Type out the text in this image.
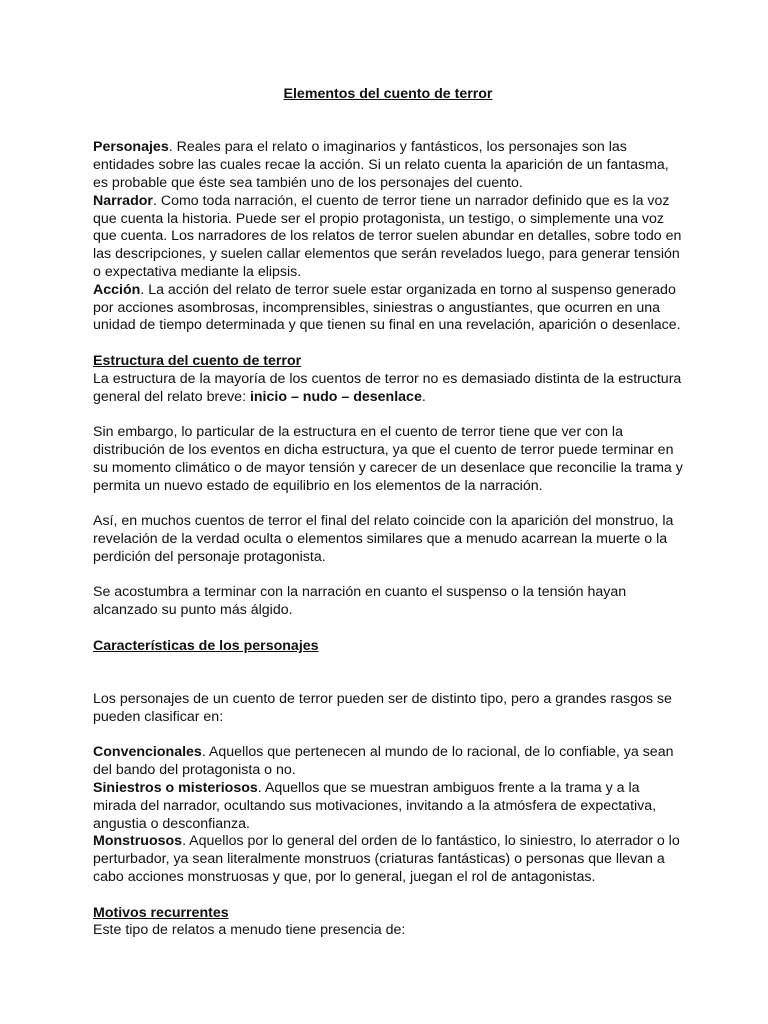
Elementos del cuento de terror

Personajes. Reales para el relato o imaginarios y fantásticos, los personajes son las entidades sobre las cuales recae la acción. Si un relato cuenta la aparición de un fantasma, es probable que éste sea también uno de los personajes del cuento.

Narrador. Como toda narración, el cuento de terror tiene un narrador definido que es la voz que cuenta la historia. Puede ser el propio protagonista, un testigo, o simplemente una voz que cuenta. Los narradores de los relatos de terror suelen abundar en detalles, sobre todo en las descripciones, y suelen callar elementos que serán revelados luego, para generar tensión o expectativa mediante la elipsis.

Acción. La acción del relato de terror suele estar organizada en torno al suspenso generado por acciones asombrosas, incomprensibles, siniestras o angustiantes, que ocurren en una unidad de tiempo determinada y que tienen su final en una revelación, aparición o desenlace.

Estructura del cuento de terror

La estructura de la mayoría de los cuentos de terror no es demasiado distinta de la estructura general del relato breve: inicio – nudo – desenlace.

Sin embargo, lo particular de la estructura en el cuento de terror tiene que ver con la distribución de los eventos en dicha estructura, ya que el cuento de terror puede terminar en su momento climático o de mayor tensión y carecer de un desenlace que reconcilie la trama y permita un nuevo estado de equilibrio en los elementos de la narración.

Así, en muchos cuentos de terror el final del relato coincide con la aparición del monstruo, la revelación de la verdad oculta o elementos similares que a menudo acarrean la muerte o la perdición del personaje protagonista.

Se acostumbra a terminar con la narración en cuanto el suspenso o la tensión hayan alcanzado su punto más álgido.

Características de los personajes

Los personajes de un cuento de terror pueden ser de distinto tipo, pero a grandes rasgos se pueden clasificar en:

Convencionales. Aquellos que pertenecen al mundo de lo racional, de lo confiable, ya sean del bando del protagonista o no.

Siniestros o misteriosos. Aquellos que se muestran ambiguos frente a la trama y a la mirada del narrador, ocultando sus motivaciones, invitando a la atmósfera de expectativa, angustia o desconfianza.

Monstruosos. Aquellos por lo general del orden de lo fantástico, lo siniestro, lo aterrador o lo perturbador, ya sean literalmente monstruos (criaturas fantásticas) o personas que llevan a cabo acciones monstruosas y que, por lo general, juegan el rol de antagonistas.

Motivos recurrentes

Este tipo de relatos a menudo tiene presencia de:
